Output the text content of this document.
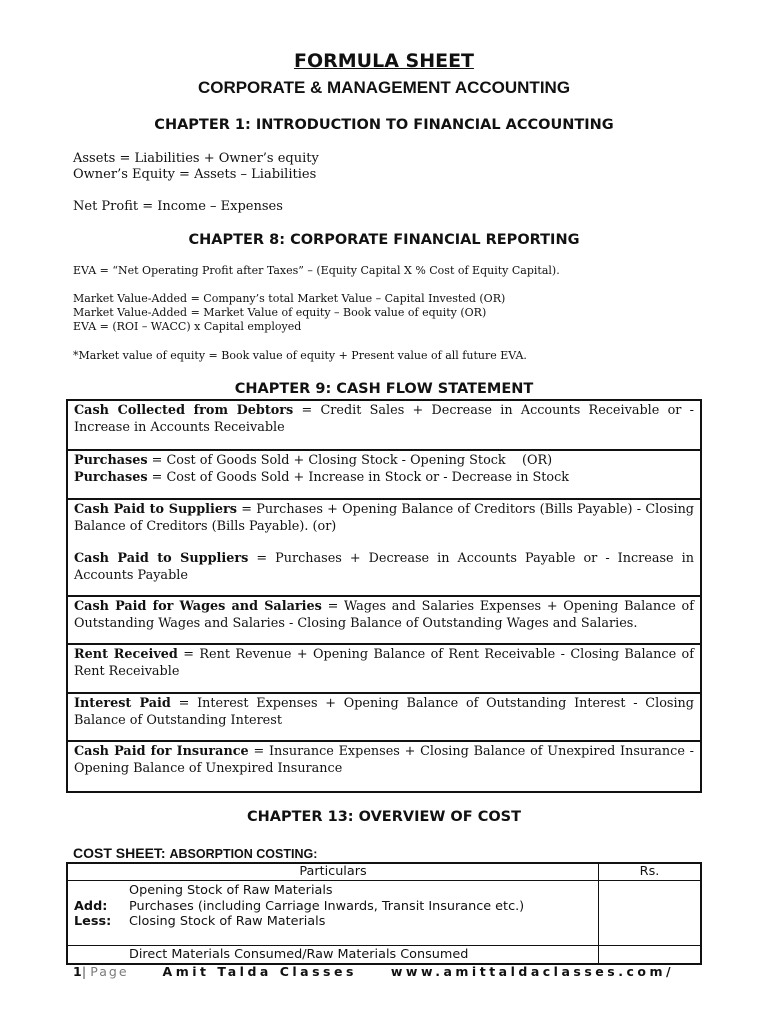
FORMULA SHEET
CORPORATE & MANAGEMENT ACCOUNTING
CHAPTER 1: INTRODUCTION TO FINANCIAL ACCOUNTING
Assets = Liabilities + Owner’s equity
Owner’s Equity = Assets – Liabilities
Net Profit = Income – Expenses
CHAPTER 8: CORPORATE FINANCIAL REPORTING
EVA = “Net Operating Profit after Taxes” – (Equity Capital X % Cost of Equity Capital).
Market Value-Added = Company’s total Market Value – Capital Invested (OR)
Market Value-Added = Market Value of equity – Book value of equity (OR)
EVA = (ROI – WACC) x Capital employed
*Market value of equity = Book value of equity + Present value of all future EVA.
CHAPTER 9: CASH FLOW STATEMENT

Cash Collected from Debtors = Credit Sales + Decrease in Accounts Receivable or - Increase in Accounts Receivable

Purchases = Cost of Goods Sold + Closing Stock - Opening Stock    (OR)

Purchases = Cost of Goods Sold + Increase in Stock or - Decrease in Stock

Cash Paid to Suppliers = Purchases + Opening Balance of Creditors (Bills Payable) - Closing Balance of Creditors (Bills Payable). (or)

Cash Paid to Suppliers = Purchases + Decrease in Accounts Payable or - Increase in Accounts Payable

Cash Paid for Wages and Salaries = Wages and Salaries Expenses + Opening Balance of Outstanding Wages and Salaries - Closing Balance of Outstanding Wages and Salaries.

Rent Received = Rent Revenue + Opening Balance of Rent Receivable - Closing Balance of Rent Receivable

Interest Paid = Interest Expenses + Opening Balance of Outstanding Interest - Closing Balance of Outstanding Interest

Cash Paid for Insurance = Insurance Expenses + Closing Balance of Unexpired Insurance - Opening Balance of Unexpired Insurance

CHAPTER 13: OVERVIEW OF COST
COST SHEET: ABSORPTION COSTING:
Particulars	Rs.

Opening Stock of Raw Materials
Add: Purchases (including Carriage Inwards, Transit Insurance etc.)
Less: Closing Stock of Raw Materials	

Direct Materials Consumed/Raw Materials Consumed	
1| Page	Amit Talda Classes	www.amittaldaclasses.com/
